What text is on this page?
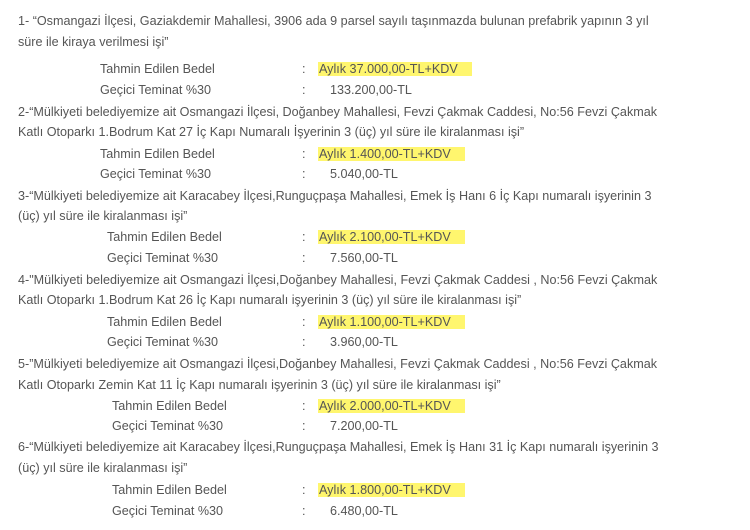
1- “Osmangazi İlçesi, Gaziakdemir Mahallesi, 3906 ada 9 parsel sayılı taşınmazda bulunan prefabrik yapının 3 yıl
süre ile kiraya verilmesi işi”
Tahmin Edilen Bedel	: Aylık 37.000,00-TL+KDV
Geçici Teminat %30	: 133.200,00-TL
2-“Mülkiyeti belediyemize ait Osmangazi İlçesi, Doğanbey Mahallesi, Fevzi Çakmak Caddesi, No:56 Fevzi Çakmak
Katlı Otoparkı 1.Bodrum Kat 27 İç Kapı Numaralı İşyerinin 3 (üç) yıl süre ile kiralanması işi”
Tahmin Edilen Bedel	: Aylık 1.400,00-TL+KDV
Geçici Teminat %30	: 5.040,00-TL
3-“Mülkiyeti belediyemize ait Karacabey İlçesi,Runguçpaşa Mahallesi, Emek İş Hanı 6 İç Kapı numaralı işyerinin 3
(üç) yıl süre ile kiralanması işi”
Tahmin Edilen Bedel	: Aylık 2.100,00-TL+KDV
Geçici Teminat %30	: 7.560,00-TL
4-"Mülkiyeti belediyemize ait Osmangazi İlçesi,Doğanbey Mahallesi, Fevzi Çakmak Caddesi , No:56 Fevzi Çakmak
Katlı Otoparkı 1.Bodrum Kat 26 İç Kapı numaralı işyerinin 3 (üç) yıl süre ile kiralanması işi”
Tahmin Edilen Bedel	: Aylık 1.100,00-TL+KDV
Geçici Teminat %30	: 3.960,00-TL
5-”Mülkiyeti belediyemize ait Osmangazi İlçesi,Doğanbey Mahallesi, Fevzi Çakmak Caddesi , No:56 Fevzi Çakmak
Katlı Otoparkı Zemin Kat 11 İç Kapı numaralı işyerinin 3 (üç) yıl süre ile kiralanması işi”
Tahmin Edilen Bedel	: Aylık 2.000,00-TL+KDV
Geçici Teminat %30	: 7.200,00-TL
6-“Mülkiyeti belediyemize ait Karacabey İlçesi,Runguçpaşa Mahallesi, Emek İş Hanı 31 İç Kapı numaralı işyerinin 3
(üç) yıl süre ile kiralanması işi”
Tahmin Edilen Bedel	: Aylık 1.800,00-TL+KDV
Geçici Teminat %30	: 6.480,00-TL
